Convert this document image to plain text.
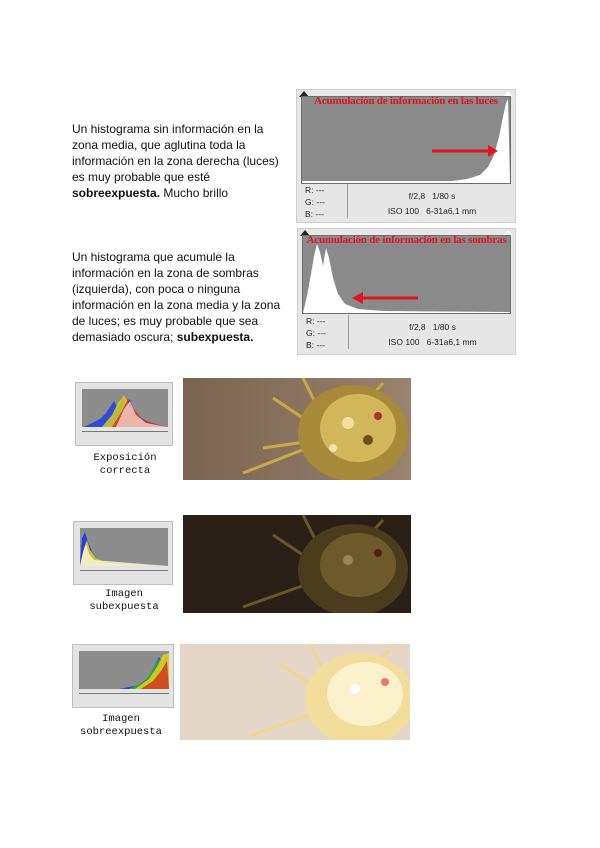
Un histograma sin información en la zona media, que aglutina toda la información en la zona derecha (luces) es muy probable que esté sobreexpuesta. Mucho brillo

Un histograma que acumule la información en la zona de sombras (izquierda), con poca o ninguna información en la zona media y la zona de luces; es muy probable que sea demasiado oscura; subexpuesta.

Acumulación de información en las luces
R: ---
G: ---
B: ---
f/2,8 1/80 s
ISO 100 6-31a6,1 mm
Acumulación de información en las sombras
R: ---
G: ---
B: ---
f/2,8 1/80 s
ISO 100 6-31a6,1 mm
Exposición
correcta
Imagen
subexpuesta
Imagen
sobreexpuesta
